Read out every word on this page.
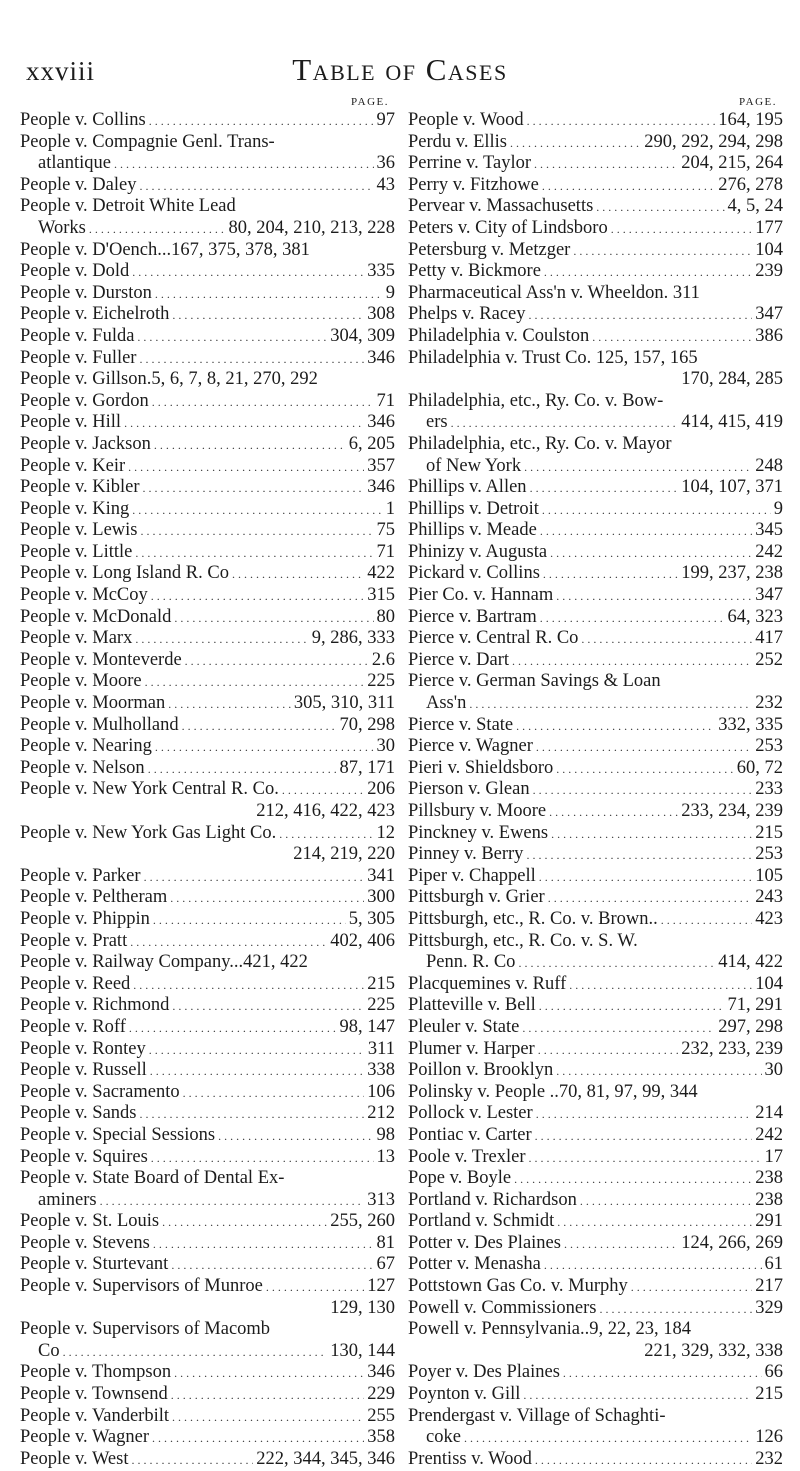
xxviii	Table of Cases
PAGE.
People v. Collins . . .	97
People v. Compagnie Genl. Trans-
atlantique . . .	36
People v. Daley . . .	43
People v. Detroit White Lead
Works . . .	80, 204, 210, 213, 228
People v. D'Oench...167, 375, 378, 381
People v. Dold . . .	335
People v. Durston . . .	9
People v. Eichelroth . . .	308
People v. Fulda . . .	304, 309
People v. Fuller . . .	346
People v. Gillson.5, 6, 7, 8, 21, 270, 292
People v. Gordon . . .	71
People v. Hill . . .	346
People v. Jackson . . .	6, 205
People v. Keir . . .	357
People v. Kibler . . .	346
People v. King . . .	1
People v. Lewis . . .	75
People v. Little . . .	71
People v. Long Island R. Co . . .	422
People v. McCoy . . .	315
People v. McDonald . . .	80
People v. Marx . . .	9, 286, 333
People v. Monteverde . . .	2.6
People v. Moore . . .	225
People v. Moorman . . .	305, 310, 311
People v. Mulholland . . .	70, 298
People v. Nearing . . .	30
People v. Nelson . . .	87, 171
People v. New York Central R. Co. . . .	206
212, 416, 422, 423
People v. New York Gas Light Co. . . .	12
214, 219, 220
People v. Parker . . .	341
People v. Peltheram . . .	300
People v. Phippin . . .	5, 305
People v. Pratt . . .	402, 406
People v. Railway Company...421, 422
People v. Reed . . .	215
People v. Richmond . . .	225
People v. Roff . . .	98, 147
People v. Rontey . . .	311
People v. Russell . . .	338
People v. Sacramento . . .	106
People v. Sands . . .	212
People v. Special Sessions . . .	98
People v. Squires . . .	13
People v. State Board of Dental Ex-
aminers . . .	313
People v. St. Louis . . .	255, 260
People v. Stevens . . .	81
People v. Sturtevant . . .	67
People v. Supervisors of Munroe . . .	127
129, 130
People v. Supervisors of Macomb
Co . . .	130, 144
People v. Thompson . . .	346
People v. Townsend . . .	229
People v. Vanderbilt . . .	255
People v. Wagner . . .	358
People v. West . . .	222, 344, 345, 346
PAGE.
People v. Wood . . .	164, 195
Perdu v. Ellis . . .	290, 292, 294, 298
Perrine v. Taylor . . .	204, 215, 264
Perry v. Fitzhowe . . .	276, 278
Pervear v. Massachusetts . . .	4, 5, 24
Peters v. City of Lindsboro . . .	177
Petersburg v. Metzger . . .	104
Petty v. Bickmore . . .	239
Pharmaceutical Ass'n v. Wheeldon. 311
Phelps v. Racey . . .	347
Philadelphia v. Coulston . . .	386
Philadelphia v. Trust Co. 125, 157, 165
170, 284, 285
Philadelphia, etc., Ry. Co. v. Bow-
ers . . .	414, 415, 419
Philadelphia, etc., Ry. Co. v. Mayor
of New York . . .	248
Phillips v. Allen . . .	104, 107, 371
Phillips v. Detroit . . .	9
Phillips v. Meade . . .	345
Phinizy v. Augusta . . .	242
Pickard v. Collins . . .	199, 237, 238
Pier Co. v. Hannam . . .	347
Pierce v. Bartram . . .	64, 323
Pierce v. Central R. Co . . .	417
Pierce v. Dart . . .	252
Pierce v. German Savings & Loan
Ass'n . . .	232
Pierce v. State . . .	332, 335
Pierce v. Wagner . . .	253
Pieri v. Shieldsboro . . .	60, 72
Pierson v. Glean . . .	233
Pillsbury v. Moore . . .	233, 234, 239
Pinckney v. Ewens . . .	215
Pinney v. Berry . . .	253
Piper v. Chappell . . .	105
Pittsburgh v. Grier . . .	243
Pittsburgh, etc., R. Co. v. Brown.. . . .	423
Pittsburgh, etc., R. Co. v. S. W.
Penn. R. Co . . .	414, 422
Placquemines v. Ruff . . .	104
Platteville v. Bell . . .	71, 291
Pleuler v. State . . .	297, 298
Plumer v. Harper . . .	232, 233, 239
Poillon v. Brooklyn . . .	30
Polinsky v. People ..70, 81, 97, 99, 344
Pollock v. Lester . . .	214
Pontiac v. Carter . . .	242
Poole v. Trexler . . .	17
Pope v. Boyle . . .	238
Portland v. Richardson . . .	238
Portland v. Schmidt . . .	291
Potter v. Des Plaines . . .	124, 266, 269
Potter v. Menasha . . .	61
Pottstown Gas Co. v. Murphy . . .	217
Powell v. Commissioners . . .	329
Powell v. Pennsylvania..9, 22, 23, 184
221, 329, 332, 338
Poyer v. Des Plaines . . .	66
Poynton v. Gill . . .	215
Prendergast v. Village of Schaghti-
coke . . .	126
Prentiss v. Wood . . .	232
